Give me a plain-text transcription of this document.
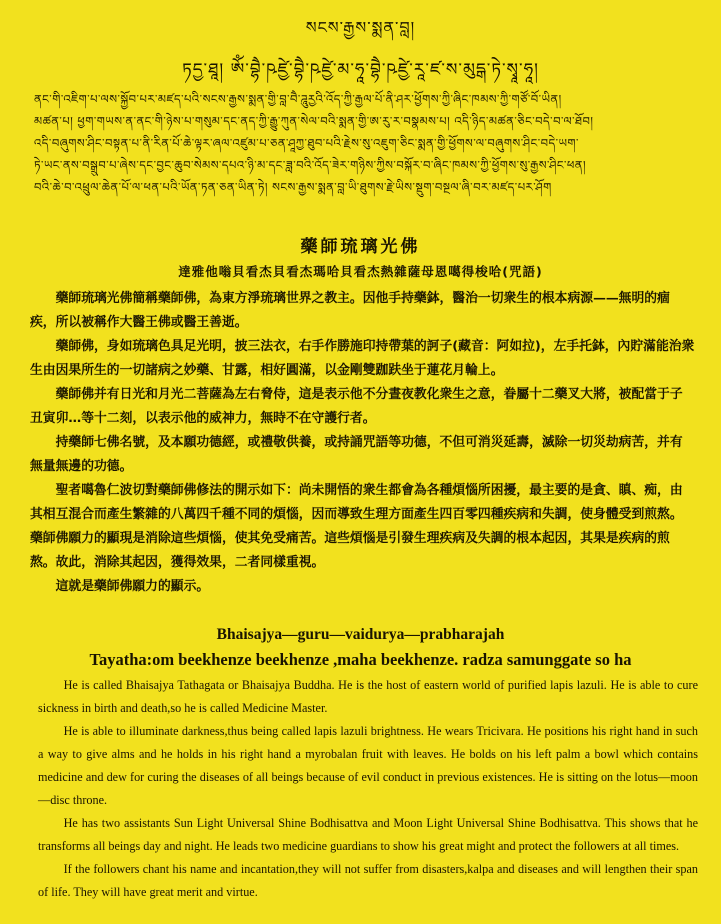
སངས་རྒྱས་སྨན་བླ།
ཏདྱ་ཐཱ། ཨོཾ་བྷཻ་ཥཛྱེ་བྷཻ་ཥཛྱེ་མ་ཧཱ་བྷཻ་ཥཛྱེ་རཱ་ཛ་ས་མུདྒ་ཏེ་སྭཱ་ཧཱ།

ནང་གི་འཇིག་པ་ལས་སྐྱོབ་པར་མཛད་པའི་སངས་རྒྱས་སྨན་གྱི་བླ་བཻ་ཌཱུརྱའི་འོད་ཀྱི་རྒྱལ་པོ་ནི་ཤར་ཕྱོགས་ཀྱི་ཞིང་ཁམས་ཀྱི་གཙོ་བོ་ཡིན།

མཚན་པ། ཕྱག་གཡས་ན་ནང་གི་ཉེས་པ་གསུམ་དང་ནད་ཀྱི་རྒྱུ་ཀུན་སེལ་བའི་སྨན་གྱི་ཨ་རུ་ར་བསྣམས་པ། འདི་ཉིད་མཚན་ཅིང་བདེ་བ་ལ་ཐོབ།

འདི་བཞུགས་ཤིང་བསྟན་པ་ནི་རིན་པོ་ཆེ་ལྟར་ཞལ་འཛུམ་པ་ཅན་ཤཱཀྱ་ཐུབ་པའི་རྗེས་སུ་འཇུག་ཅིང་སྨན་གྱི་ཕྱོགས་ལ་བཞུགས་ཤིང་བདེ་ཡག་

ཏེ་ཡང་ནས་བསྒྲུབ་པ་ཞེས་དང་བྱང་ཆུབ་སེམས་དཔའ་ཉི་མ་དང་ཟླ་བའི་འོད་ཟེར་གཉིས་ཀྱིས་བསྐོར་བ་ཞིང་ཁམས་ཀྱི་ཕྱོགས་སུ་རྒྱས་ཤིང་ཕན།

བའི་ཆེ་བ་འཕྲུལ་ཆེན་པོ་ལ་ཕན་པའི་ཡོན་ཏན་ཅན་ཡིན་ཏེ། སངས་རྒྱས་སྨན་བླ་ཡི་ཐུགས་རྗེ་ཡིས་སྡུག་བསྔལ་ཞི་བར་མཛད་པར་ཤོག

藥師琉璃光佛
達雅他嗡貝看杰貝看杰瑪哈貝看杰熱雜薩母恩噶得梭哈(咒語)

藥師琉璃光佛簡稱藥師佛，為東方淨琉璃世界之教主。因他手持藥鉢，醫治一切衆生的根本病源——無明的痼疾，所以被稱作大醫王佛或醫王善逝。

藥師佛，身如琉璃色具足光明，披三法衣，右手作勝施印持帶葉的訶子(藏音：阿如拉)，左手托鉢，內貯滿能治衆生由因果所生的一切諸病之妙藥、甘露，相好圓滿，以金剛雙跏趺坐于蓮花月輪上。

藥師佛并有日光和月光二菩薩為左右脅侍，這是表示他不分晝夜教化衆生之意，眷屬十二藥叉大將，被配當于子丑寅卯…等十二刻，以表示他的威神力，無時不在守護行者。

持藥師七佛名號，及本願功德經，或禮敬供養，或持誦咒語等功德，不但可消災延壽，滅除一切災劫病苦，并有無量無邊的功德。

聖者噶魯仁波切對藥師佛修法的開示如下：尚未開悟的衆生都會為各種煩惱所困擾，最主要的是貪、瞋、痴，由其相互混合而產生繁雜的八萬四千種不同的煩惱，因而導致生理方面產生四百零四種疾病和失調，使身體受到煎熬。藥師佛願力的顯現是消除這些煩惱，使其免受痛苦。這些煩惱是引發生理疾病及失調的根本起因，其果是疾病的煎熬。故此，消除其起因，獲得效果，二者同樣重視。

這就是藥師佛願力的顯示。

Bhaisajya—guru—vaidurya—prabharajah
Tayatha:om beekhenze beekhenze ,maha beekhenze. radza samunggate so ha

He is called Bhaisajya Tathagata or Bhaisajya Buddha. He is the host of eastern world of purified lapis lazuli. He is able to cure sickness in birth and death,so he is called Medicine Master.

He is able to illuminate darkness,thus being called lapis lazuli brightness. He wears Tricivara. He positions his right hand in such a way to give alms and he holds in his right hand a myrobalan fruit with leaves. He bolds on his left palm a bowl which contains medicine and dew for curing the diseases of all beings because of evil conduct in previous existences. He is sitting on the lotus—moon—disc throne.

He has two assistants Sun Light Universal Shine Bodhisattva and Moon Light Universal Shine Bodhisattva. This shows that he transforms all beings day and night. He leads two medicine guardians to show his great might and protect the followers at all times.

If the followers chant his name and incantation,they will not suffer from disasters,kalpa and diseases and will lengthen their span of life. They will have great merit and virtue.
